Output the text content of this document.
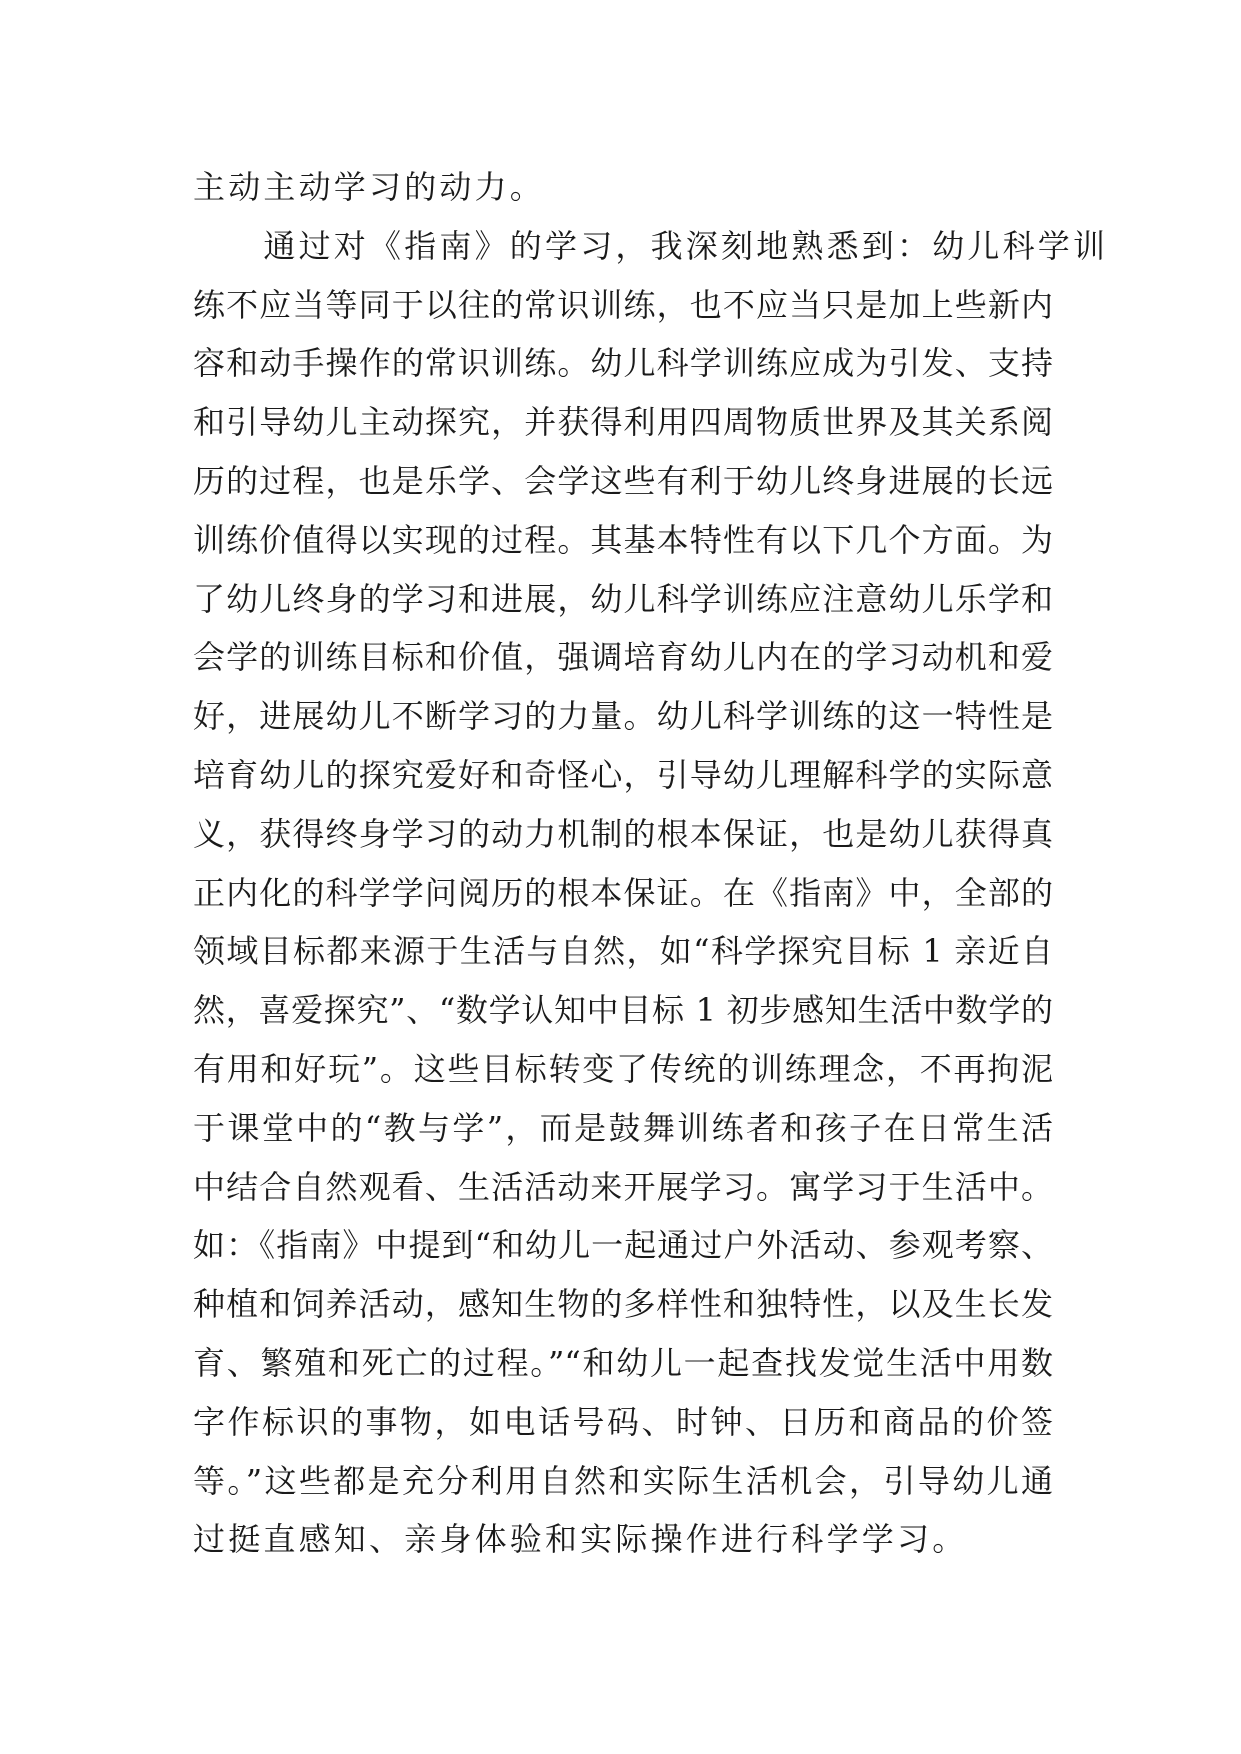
主动主动学习的动力。
　　通过对《指南》的学习，我深刻地熟悉到：幼儿科学训
练不应当等同于以往的常识训练，也不应当只是加上些新内
容和动手操作的常识训练。幼儿科学训练应成为引发、支持
和引导幼儿主动探究，并获得利用四周物质世界及其关系阅
历的过程，也是乐学、会学这些有利于幼儿终身进展的长远
训练价值得以实现的过程。其基本特性有以下几个方面。为
了幼儿终身的学习和进展，幼儿科学训练应注意幼儿乐学和
会学的训练目标和价值，强调培育幼儿内在的学习动机和爱
好，进展幼儿不断学习的力量。幼儿科学训练的这一特性是
培育幼儿的探究爱好和奇怪心，引导幼儿理解科学的实际意
义，获得终身学习的动力机制的根本保证，也是幼儿获得真
正内化的科学学问阅历的根本保证。在《指南》中，全部的
领域目标都来源于生活与自然，如“科学探究目标 1 亲近自
然，喜爱探究”、“数学认知中目标 1 初步感知生活中数学的
有用和好玩”。这些目标转变了传统的训练理念，不再拘泥
于课堂中的“教与学”，而是鼓舞训练者和孩子在日常生活
中结合自然观看、生活活动来开展学习。寓学习于生活中。
如：《指南》中提到“和幼儿一起通过户外活动、参观考察、
种植和饲养活动，感知生物的多样性和独特性，以及生长发
育、繁殖和死亡的过程。”“和幼儿一起查找发觉生活中用数
字作标识的事物，如电话号码、时钟、日历和商品的价签
等。”这些都是充分利用自然和实际生活机会，引导幼儿通
过挺直感知、亲身体验和实际操作进行科学学习。
